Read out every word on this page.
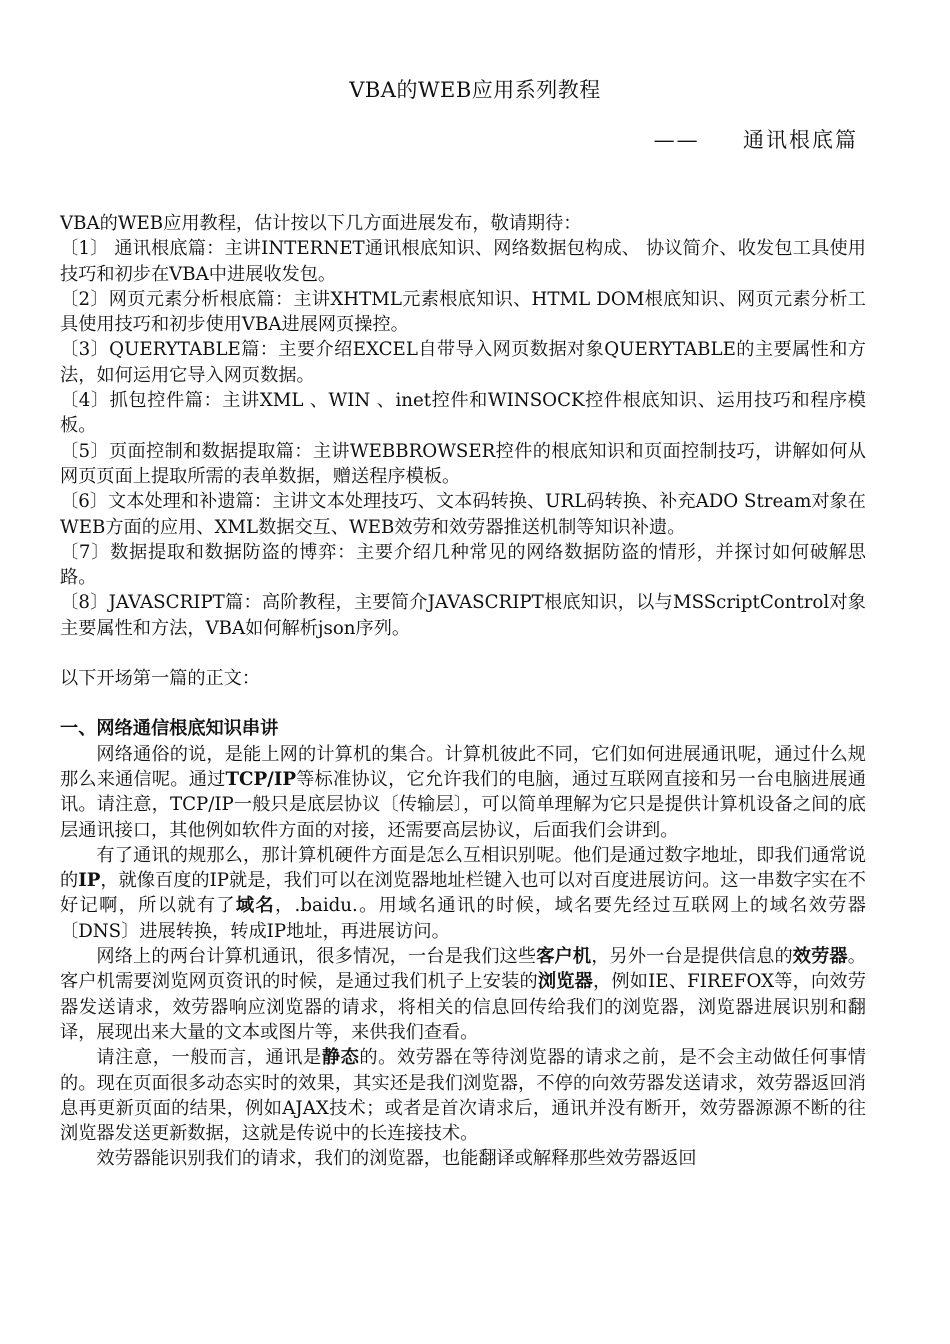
VBA的WEB应用系列教程
——     通讯根底篇

VBA的WEB应用教程，估计按以下几方面进展发布，敬请期待：

〔1〕 通讯根底篇：主讲INTERNET通讯根底知识、网络数据包构成、 协议简介、收发包工具使用技巧和初步在VBA中进展收发包。

〔2〕网页元素分析根底篇：主讲XHTML元素根底知识、HTML DOM根底知识、网页元素分析工具使用技巧和初步使用VBA进展网页操控。

〔3〕QUERYTABLE篇：主要介绍EXCEL自带导入网页数据对象QUERYTABLE的主要属性和方法，如何运用它导入网页数据。

〔4〕抓包控件篇：主讲XML 、WIN 、inet控件和WINSOCK控件根底知识、运用技巧和程序模板。

〔5〕页面控制和数据提取篇：主讲WEBBROWSER控件的根底知识和页面控制技巧，讲解如何从网页页面上提取所需的表单数据，赠送程序模板。

〔6〕文本处理和补遗篇：主讲文本处理技巧、文本码转换、URL码转换、补充ADO Stream对象在WEB方面的应用、XML数据交互、WEB效劳和效劳器推送机制等知识补遗。

〔7〕数据提取和数据防盗的博弈：主要介绍几种常见的网络数据防盗的情形，并探讨如何破解思路。

〔8〕JAVASCRIPT篇：高阶教程，主要简介JAVASCRIPT根底知识，以与MSScriptControl对象主要属性和方法，VBA如何解析json序列。

以下开场第一篇的正文：

一、网络通信根底知识串讲

网络通俗的说，是能上网的计算机的集合。计算机彼此不同，它们如何进展通讯呢，通过什么规那么来通信呢。通过TCP/IP等标准协议，它允许我们的电脑，通过互联网直接和另一台电脑进展通讯。请注意，TCP/IP一般只是底层协议〔传输层〕，可以简单理解为它只是提供计算机设备之间的底层通讯接口，其他例如软件方面的对接，还需要高层协议，后面我们会讲到。

有了通讯的规那么，那计算机硬件方面是怎么互相识别呢。他们是通过数字地址，即我们通常说的IP，就像百度的IP就是，我们可以在浏览器地址栏键入也可以对百度进展访问。这一串数字实在不好记啊，所以就有了域名，.baidu.。用域名通讯的时候，域名要先经过互联网上的域名效劳器〔DNS〕进展转换，转成IP地址，再进展访问。

网络上的两台计算机通讯，很多情况，一台是我们这些客户机，另外一台是提供信息的效劳器。客户机需要浏览网页资讯的时候，是通过我们机子上安装的浏览器，例如IE、FIREFOX等，向效劳器发送请求，效劳器响应浏览器的请求，将相关的信息回传给我们的浏览器，浏览器进展识别和翻译，展现出来大量的文本或图片等，来供我们查看。

请注意，一般而言，通讯是静态的。效劳器在等待浏览器的请求之前，是不会主动做任何事情的。现在页面很多动态实时的效果，其实还是我们浏览器，不停的向效劳器发送请求，效劳器返回消息再更新页面的结果，例如AJAX技术；或者是首次请求后，通讯并没有断开，效劳器源源不断的往浏览器发送更新数据，这就是传说中的长连接技术。

效劳器能识别我们的请求，我们的浏览器，也能翻译或解释那些效劳器返回
